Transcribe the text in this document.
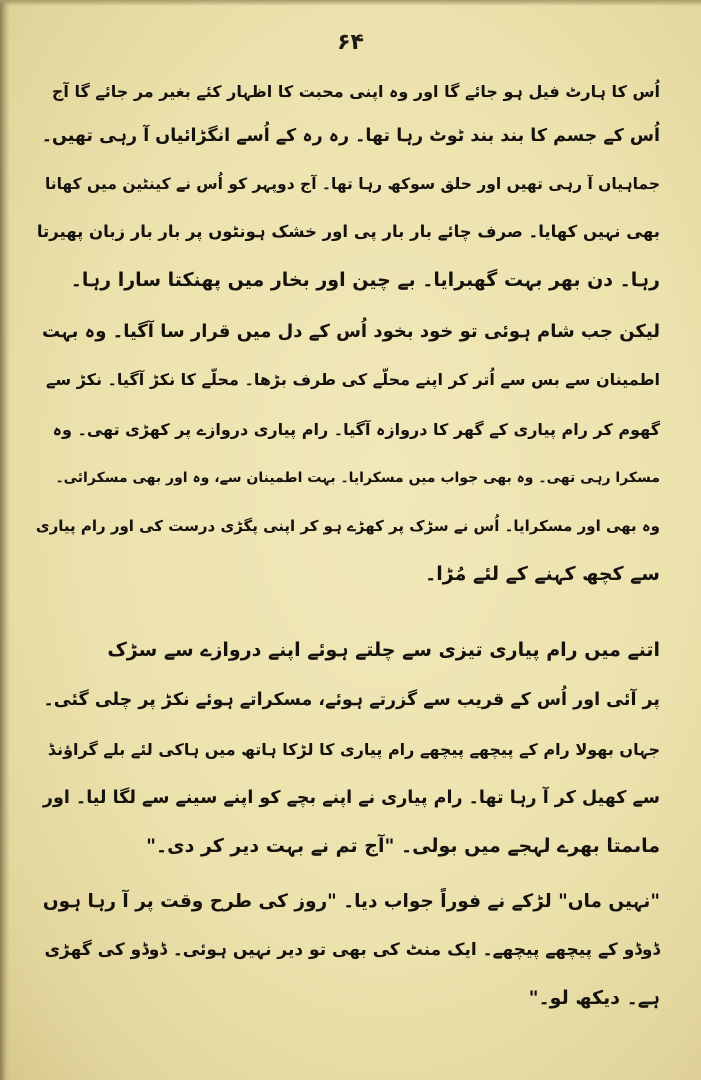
۶۴
اُس کا ہارٹ فیل ہو جائے گا اور وہ اپنی محبت کا اظہار کئے بغیر مر جائے گا آج
اُس کے جسم کا بند بند ٹوٹ رہا تھا۔ رہ رہ کے اُسے انگڑائیاں آ رہی تھیں۔
جماہیاں آ رہی تھیں اور حلق سوکھ رہا تھا۔ آج دوپہر کو اُس نے کینٹین میں کھانا
بھی نہیں کھایا۔ صرف چائے بار بار پی اور خشک ہونٹوں پر بار بار زبان پھیرتا
رہا۔ دن بھر بہت گھبرایا۔ بے چین اور بخار میں پھنکتا سارا رہا۔
لیکن جب شام ہوئی تو خود بخود اُس کے دل میں قرار سا آگیا۔ وہ بہت
اطمینان سے بس سے اُتر کر اپنے محلّے کی طرف بڑھا۔ محلّے کا نکڑ آگیا۔ نکڑ سے
گھوم کر رام پیاری کے گھر کا دروازہ آگیا۔ رام پیاری دروازے پر کھڑی تھی۔ وہ
مسکرا رہی تھی۔ وہ بھی جواب میں مسکرایا۔ بہت اطمینان سے، وہ اور بھی مسکرائی۔
وہ بھی اور مسکرایا۔ اُس نے سڑک پر کھڑے ہو کر اپنی پگڑی درست کی اور رام پیاری
سے کچھ کہنے کے لئے مُڑا۔
اتنے میں رام پیاری تیزی سے چلتے ہوئے اپنے دروازے سے سڑک
پر آئی اور اُس کے قریب سے گزرتے ہوئے، مسکراتے ہوئے نکڑ پر چلی گئی۔
جہاں بھولا رام کے پیچھے پیچھے رام پیاری کا لڑکا ہاتھ میں ہاکی لئے بلے گراؤنڈ
سے کھیل کر آ رہا تھا۔ رام پیاری نے اپنے بچے کو اپنے سینے سے لگا لیا۔ اور
ماںمتا بھرے لہجے میں بولی۔ "آج تم نے بہت دیر کر دی۔"
"نہیں ماں" لڑکے نے فوراً جواب دیا۔ "روز کی طرح وقت پر آ رہا ہوں
ڈوڈو کے پیچھے پیچھے۔ ایک منٹ کی بھی تو دیر نہیں ہوئی۔ ڈوڈو کی گھڑی
ہے۔ دیکھ لو۔"
